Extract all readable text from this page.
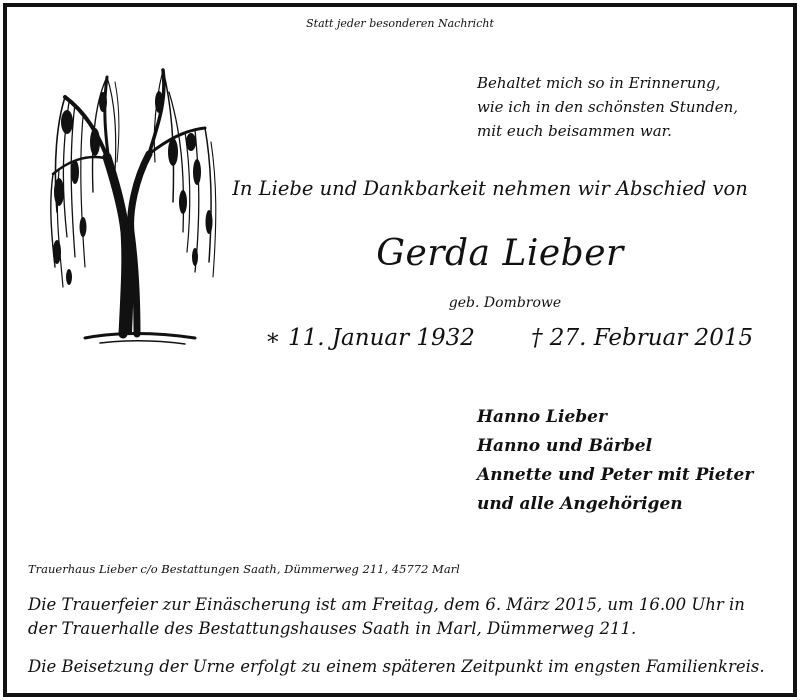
Statt jeder besonderen Nachricht
Behaltet mich so in Erinnerung,
wie ich in den schönsten Stunden,
mit euch beisammen war.
In Liebe und Dankbarkeit nehmen wir Abschied von
Gerda Lieber
geb. Dombrowe
∗ 11. Januar 1932 † 27. Februar 2015
Hanno Lieber
Hanno und Bärbel
Annette und Peter mit Pieter
und alle Angehörigen
Trauerhaus Lieber c/o Bestattungen Saath, Dümmerweg 211, 45772 Marl
Die Trauerfeier zur Einäscherung ist am Freitag, dem 6. März 2015, um 16.00 Uhr in
der Trauerhalle des Bestattungshauses Saath in Marl, Dümmerweg 211.
Die Beisetzung der Urne erfolgt zu einem späteren Zeitpunkt im engsten Familienkreis.
